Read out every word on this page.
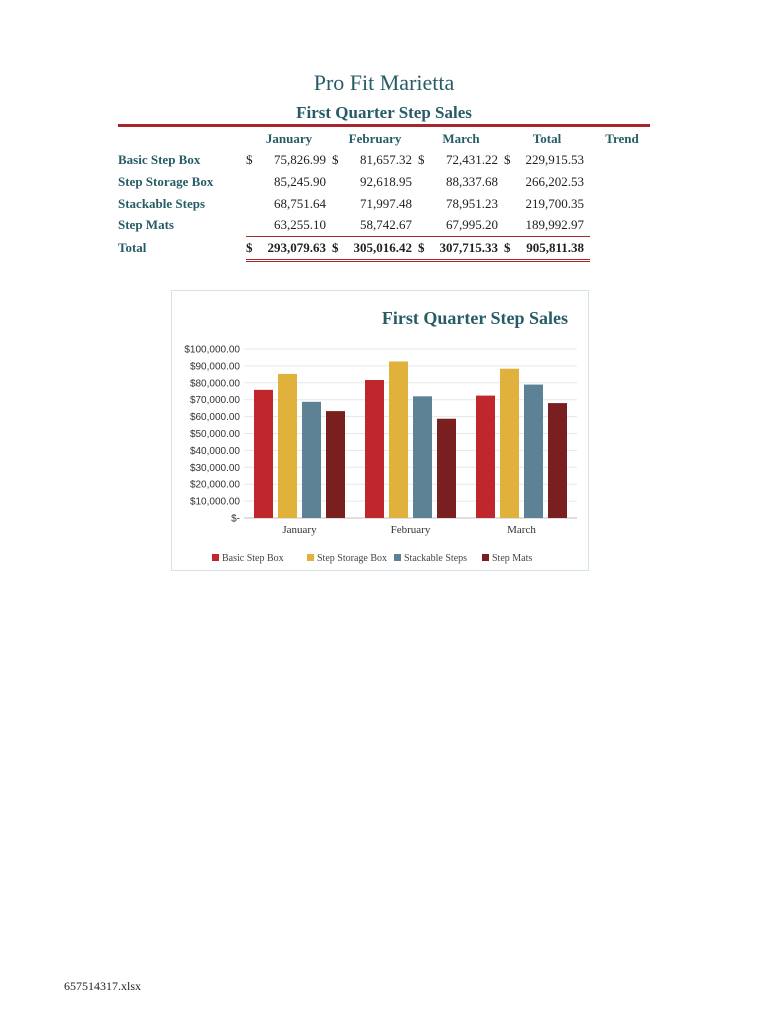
Pro Fit Marietta
First Quarter Step Sales
	January		February		March		Total		Trend
Basic Step Box	$	75,826.99	$	81,657.32	$	72,431.22	$	229,915.53	
Step Storage Box		85,245.90		92,618.95		88,337.68		266,202.53	
Stackable Steps		68,751.64		71,997.48		78,951.23		219,700.35	
Step Mats		63,255.10		58,742.67		67,995.20		189,992.97	
Total	$	293,079.63	$	305,016.42	$	307,715.33	$	905,811.38	
First Quarter Step Sales
$-
$10,000.00
$20,000.00
$30,000.00
$40,000.00
$50,000.00
$60,000.00
$70,000.00
$80,000.00
$90,000.00
$100,000.00
January	February	March
Basic Step Box	Step Storage Box Stackable Steps Step Mats
657514317.xlsx
